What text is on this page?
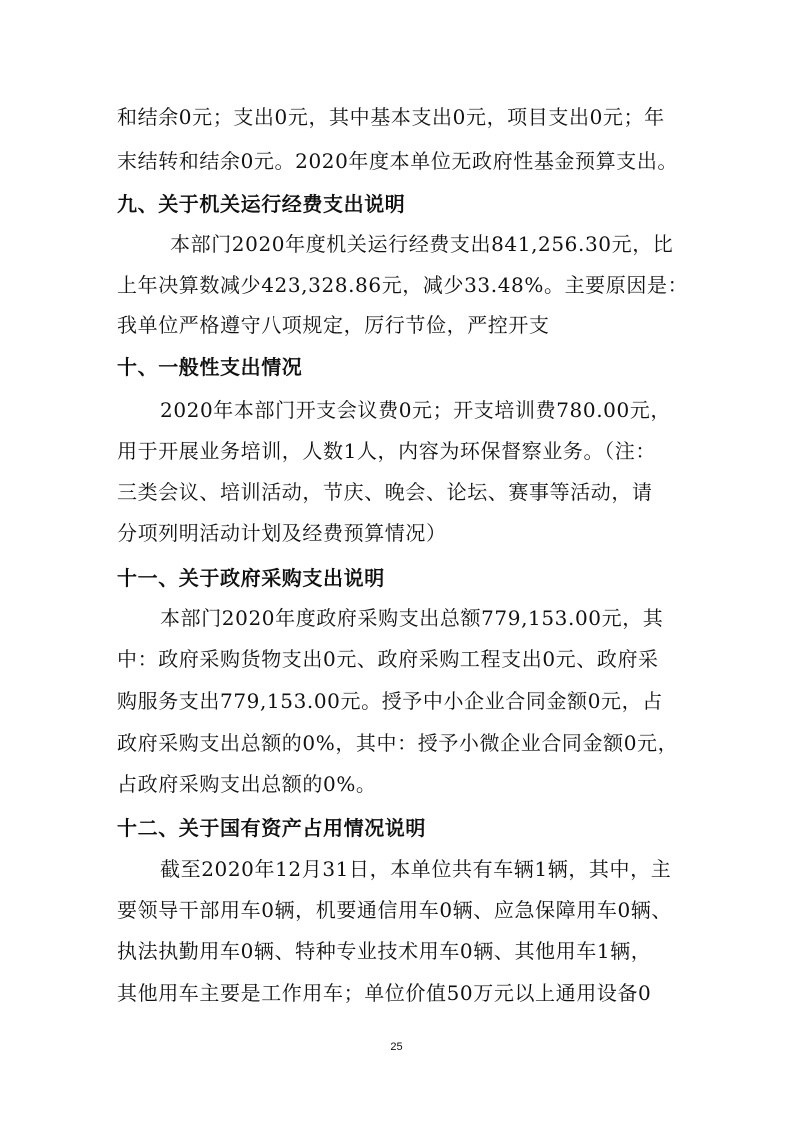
和结余0元；支出0元，其中基本支出0元，项目支出0元；年
末结转和结余0元。2020年度本单位无政府性基金预算支出。
九、关于机关运行经费支出说明
本部门2020年度机关运行经费支出841,256.30元，比
上年决算数减少423,328.86元，减少33.48%。主要原因是：
我单位严格遵守八项规定，厉行节俭，严控开支
十、一般性支出情况
2020年本部门开支会议费0元；开支培训费780.00元，
用于开展业务培训，人数1人，内容为环保督察业务。（注：
三类会议、培训活动，节庆、晚会、论坛、赛事等活动，请
分项列明活动计划及经费预算情况）
十一、关于政府采购支出说明
本部门2020年度政府采购支出总额779,153.00元，其
中：政府采购货物支出0元、政府采购工程支出0元、政府采
购服务支出779,153.00元。授予中小企业合同金额0元，占
政府采购支出总额的0%，其中：授予小微企业合同金额0元，
占政府采购支出总额的0%。
十二、关于国有资产占用情况说明
截至2020年12月31日，本单位共有车辆1辆，其中，主
要领导干部用车0辆，机要通信用车0辆、应急保障用车0辆、
执法执勤用车0辆、特种专业技术用车0辆、其他用车1辆，
其他用车主要是工作用车；单位价值50万元以上通用设备0
25
